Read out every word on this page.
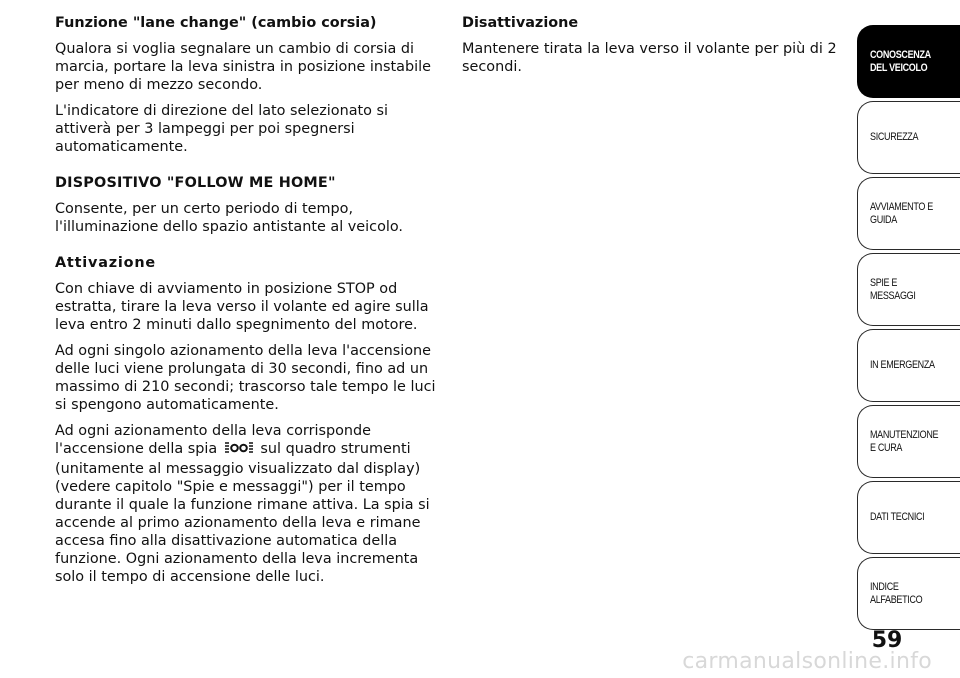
Funzione "lane change" (cambio corsia)

Qualora si voglia segnalare un cambio di corsia di marcia, portare la leva sinistra in posizione instabile per meno di mezzo secondo.

L'indicatore di direzione del lato selezionato si attiverà per 3 lampeggi per poi spegnersi automaticamente.

DISPOSITIVO "FOLLOW ME HOME"

Consente, per un certo periodo di tempo, l'illuminazione dello spazio antistante al veicolo.

Attivazione

Con chiave di avviamento in posizione STOP od estratta, tirare la leva verso il volante ed agire sulla leva entro 2 minuti dallo spegnimento del motore.

Ad ogni singolo azionamento della leva l'accensione delle luci viene prolungata di 30 secondi, fino ad un massimo di 210 secondi; trascorso tale tempo le luci si spengono automaticamente.

Ad ogni azionamento della leva corrisponde l'accensione della spia	sul quadro strumenti (unitamente al messaggio visualizzato dal display) (vedere capitolo "Spie e messaggi") per il tempo durante il quale la funzione rimane attiva. La spia si accende al primo azionamento della leva e rimane accesa fino alla disattivazione automatica della funzione. Ogni azionamento della leva incrementa solo il tempo di accensione delle luci.

Disattivazione

Mantenere tirata la leva verso il volante per più di 2 secondi.

CONOSCENZA DEL VEICOLO
SICUREZZA
AVVIAMENTO E GUIDA
SPIE E MESSAGGI
IN EMERGENZA
MANUTENZIONE E CURA
DATI TECNICI
INDICE ALFABETICO
59
carmanualsonline.info
